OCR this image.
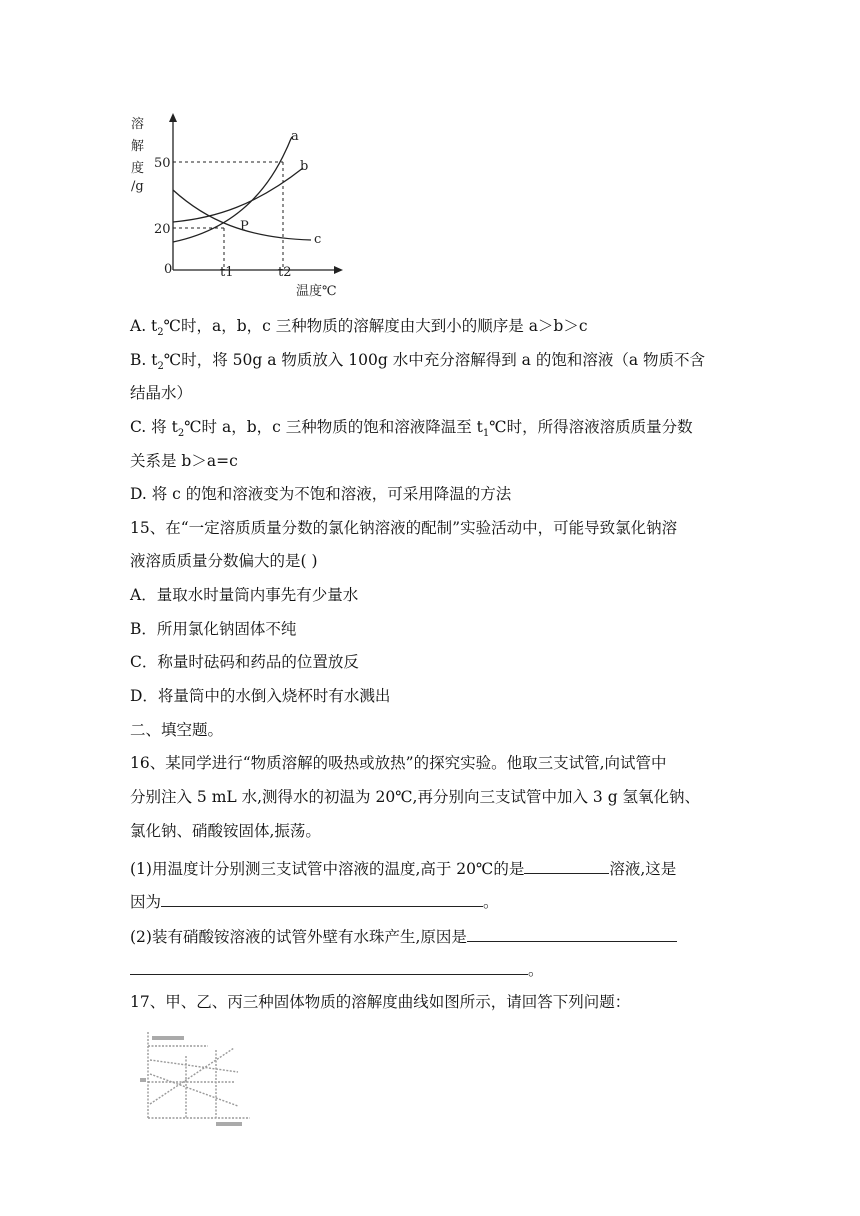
溶
解
度
/g
50
20
0	t1	t2
温度℃
P
a
b
c
A. $t_2℃$时，a，b，c 三种物质的溶解度由大到小的顺序是 a＞b＞c
B. $t_2℃$时，将 50g a 物质放入 100g 水中充分溶解得到 a 的饱和溶液（a 物质不含
结晶水）
C. 将 $t_2℃$时 a，b，c 三种物质的饱和溶液降温至 $t_1℃$时，所得溶液溶质质量分数
关系是 b＞a=c
D. 将 c 的饱和溶液变为不饱和溶液，可采用降温的方法
15、在“一定溶质质量分数的氯化钠溶液的配制”实验活动中，可能导致氯化钠溶
液溶质质量分数偏大的是( )
A．量取水时量筒内事先有少量水
B．所用氯化钠固体不纯
C．称量时砝码和药品的位置放反
D．将量筒中的水倒入烧杯时有水溅出
二、填空题。
16、某同学进行“物质溶解的吸热或放热”的探究实验。他取三支试管,向试管中
分别注入 5 mL 水,测得水的初温为 20℃,再分别向三支试管中加入 3 g 氢氧化钠、
氯化钠、硝酸铵固体,振荡。
(1)用温度计分别测三支试管中溶液的温度,高于 20℃的是	溶液,这是
因为	。
(2)装有硝酸铵溶液的试管外壁有水珠产生,原因是
。
17、甲、乙、丙三种固体物质的溶解度曲线如图所示，请回答下列问题：
